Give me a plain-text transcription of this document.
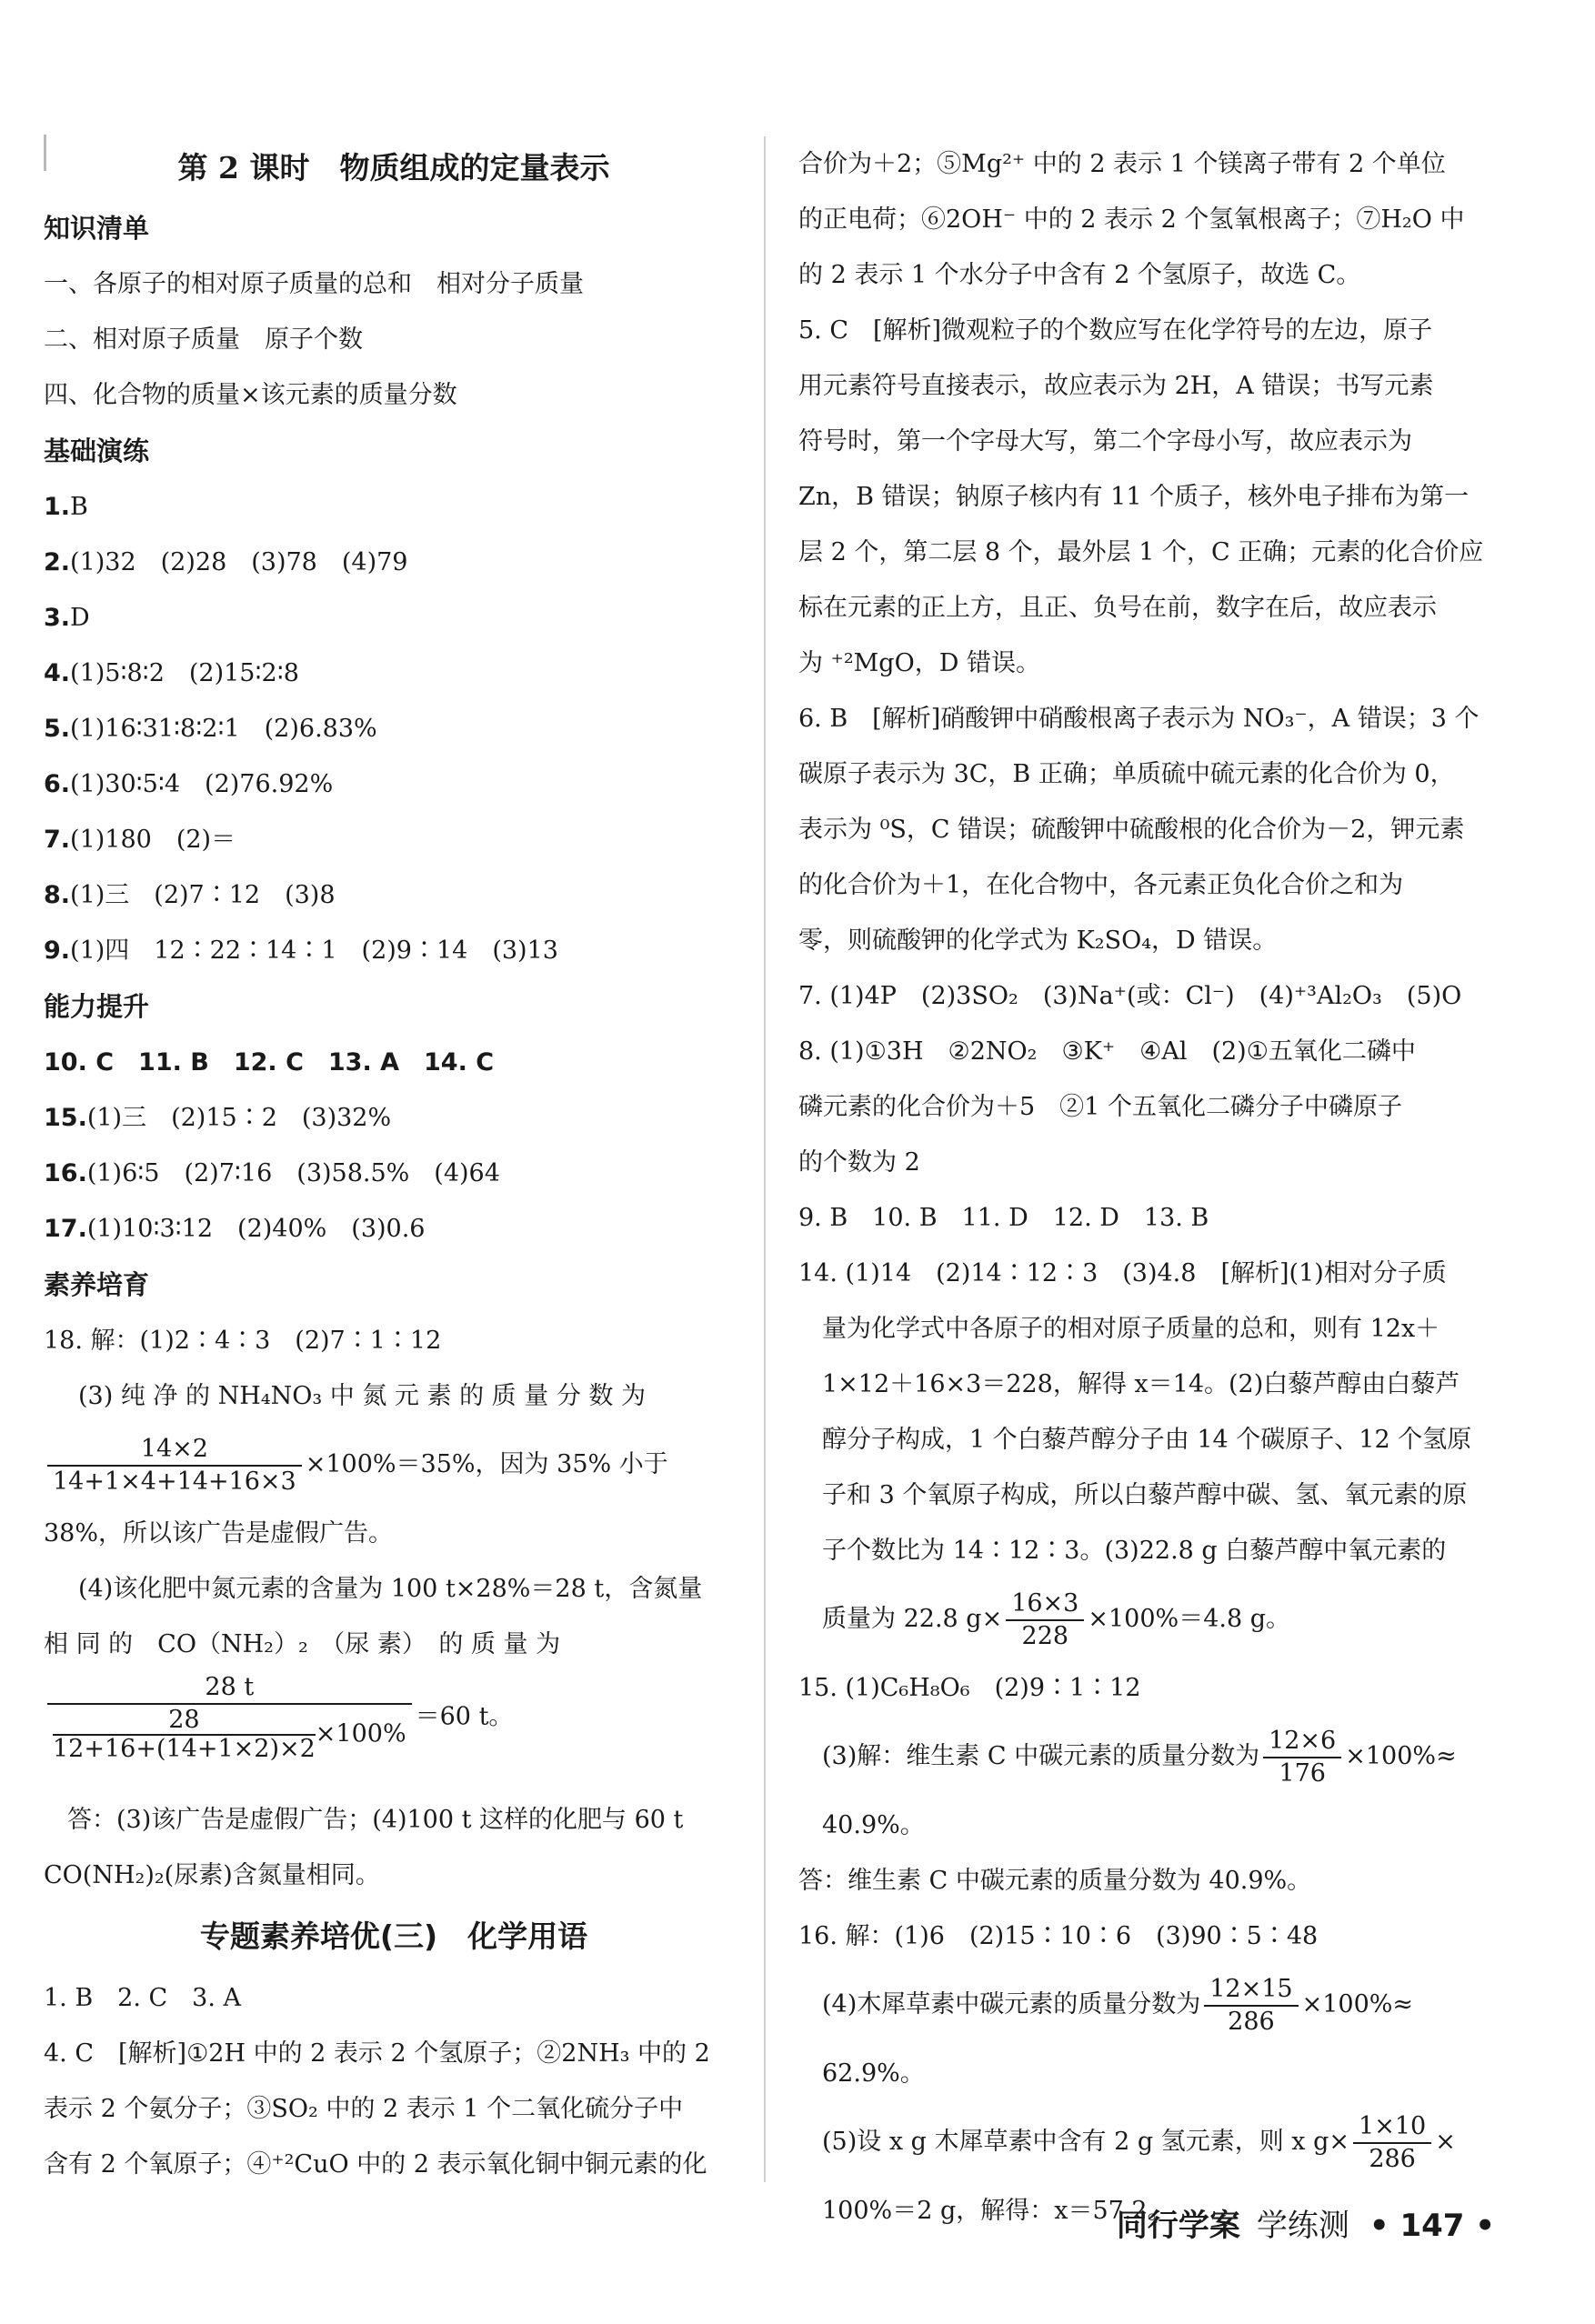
第 2 课时　物质组成的定量表示
知识清单
一、各原子的相对原子质量的总和　相对分子质量
二、相对原子质量　原子个数
四、化合物的质量×该元素的质量分数
基础演练
1.B
2.(1)32　(2)28　(3)78　(4)79
3.D
4.(1)5∶8∶2　(2)15∶2∶8
5.(1)16∶31∶8∶2∶1　(2)6.83%
6.(1)30∶5∶4　(2)76.92%
7.(1)180　(2)＝
8.(1)三　(2)7∶12　(3)8
9.(1)四　12∶22∶14∶1　(2)9∶14　(3)13
能力提升
10. C　11. B　12. C　13. A　14. C
15.(1)三　(2)15∶2　(3)32%
16.(1)6∶5　(2)7∶16　(3)58.5%　(4)64
17.(1)10∶3∶12　(2)40%　(3)0.6
素养培育
18. 解：(1)2∶4∶3　(2)7∶1∶12
(3) 纯 净 的 NH₄NO₃ 中 氮 元 素 的 质 量 分 数 为
$\frac{14\times 2}{14+1\times 4+14+16\times 3} \times 100\%=35\%$，因为 35% 小于
38%，所以该广告是虚假广告。
(4)该化肥中氮元素的含量为 100 t×28%＝28 t，含氮量
相 同 的　CO（NH₂）₂　（尿 素）　的 质 量 为
$\frac{28 t}{\frac{28}{12+16+(14+1\times 2)\times 2} \times 100\%} =60$ t。
答：(3)该广告是虚假广告；(4)100 t 这样的化肥与 60 t
CO(NH₂)₂(尿素)含氮量相同。
专题素养培优(三)　化学用语
1. B　2. C　3. A
4. C　[解析]①2H 中的 2 表示 2 个氢原子；②2NH₃ 中的 2
表示 2 个氨分子；③SO₂ 中的 2 表示 1 个二氧化硫分子中
含有 2 个氧原子；④⁺²CuO 中的 2 表示氧化铜中铜元素的化
合价为＋2；⑤Mg²⁺ 中的 2 表示 1 个镁离子带有 2 个单位
的正电荷；⑥2OH⁻ 中的 2 表示 2 个氢氧根离子；⑦H₂O 中
的 2 表示 1 个水分子中含有 2 个氢原子，故选 C。
5. C　[解析]微观粒子的个数应写在化学符号的左边，原子
用元素符号直接表示，故应表示为 2H，A 错误；书写元素
符号时，第一个字母大写，第二个字母小写，故应表示为
Zn，B 错误；钠原子核内有 11 个质子，核外电子排布为第一
层 2 个，第二层 8 个，最外层 1 个，C 正确；元素的化合价应
标在元素的正上方，且正、负号在前，数字在后，故应表示
为 ⁺²MgO，D 错误。
6. B　[解析]硝酸钾中硝酸根离子表示为 NO₃⁻，A 错误；3 个
碳原子表示为 3C，B 正确；单质硫中硫元素的化合价为 0，
表示为 ⁰S，C 错误；硫酸钾中硫酸根的化合价为－2，钾元素
的化合价为＋1，在化合物中，各元素正负化合价之和为
零，则硫酸钾的化学式为 K₂SO₄，D 错误。
7. (1)4P　(2)3SO₂　(3)Na⁺(或：Cl⁻)　(4)⁺³Al₂O₃　(5)O
8. (1)①3H　②2NO₂　③K⁺　④Al　(2)①五氧化二磷中
磷元素的化合价为＋5　②1 个五氧化二磷分子中磷原子
的个数为 2
9. B　10. B　11. D　12. D　13. B
14. (1)14　(2)14∶12∶3　(3)4.8　[解析](1)相对分子质
量为化学式中各原子的相对原子质量的总和，则有 12x＋
1×12＋16×3＝228，解得 x＝14。(2)白藜芦醇由白藜芦
醇分子构成，1 个白藜芦醇分子由 14 个碳原子、12 个氢原
子和 3 个氧原子构成，所以白藜芦醇中碳、氢、氧元素的原
子个数比为 14∶12∶3。(3)22.8 g 白藜芦醇中氧元素的
质量为 22.8 $g\times \frac{16\times 3}{228} \times 100\%=4.8$ g。
15. (1)C₆H₈O₆　(2)9∶1∶12
(3)解：维生素 C 中碳元素的质量分数为 $\frac{12\times 6}{176} \times 100\%\approx$
40.9%。
答：维生素 C 中碳元素的质量分数为 40.9%。
16. 解：(1)6　(2)15∶10∶6　(3)90∶5∶48
(4)木犀草素中碳元素的质量分数为 $\frac{12\times 15}{286} \times 100\%\approx$
62.9%。
(5)设 x g 木犀草素中含有 2 g 氢元素，则 x $g\times \frac{1\times 10}{286}$ ×
100%＝2 g，解得：x＝57.2。
同行学案 学练测 • 147 •
